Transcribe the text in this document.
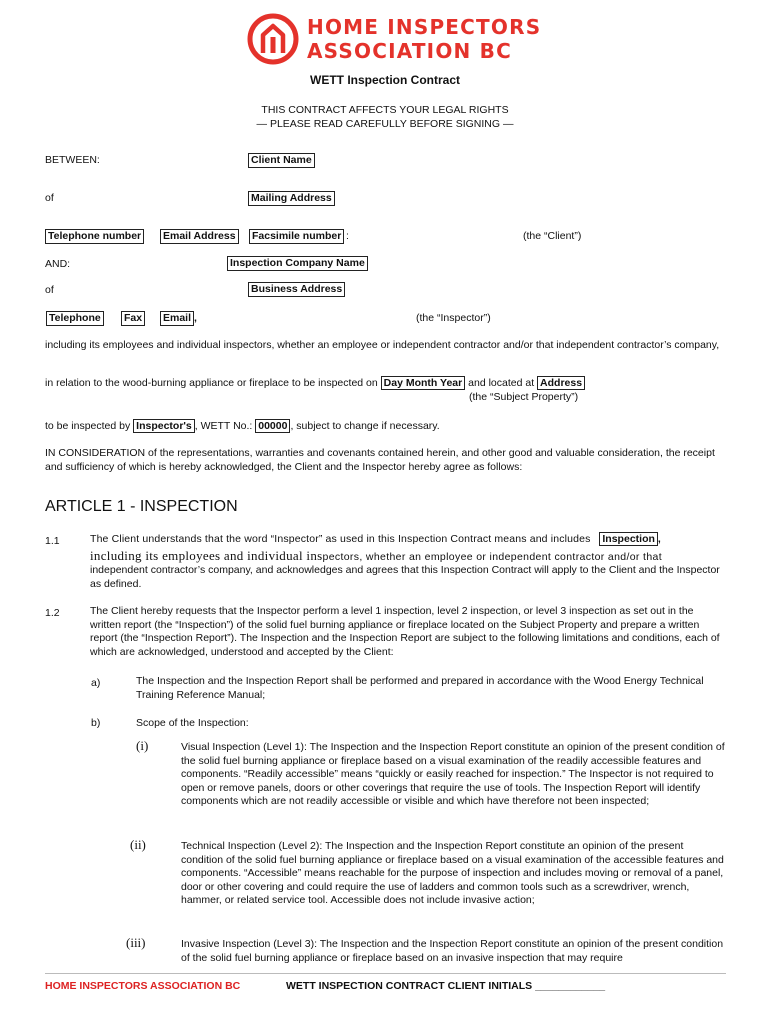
HOME INSPECTORS
ASSOCIATION BC
WETT Inspection Contract
THIS CONTRACT AFFECTS YOUR LEGAL RIGHTS
— PLEASE READ CAREFULLY BEFORE SIGNING —
BETWEEN:	Client Name
of	Mailing Address
Telephone number Email Address Facsimile number :	(the “Client”)
AND:	Inspection Company Name
of	Business Address
Telephone Fax Email ,	(the “Inspector”)
including its employees and individual inspectors, whether an employee or independent contractor and/or that independent contractor’s company,
in relation to the wood-burning appliance or fireplace to be inspected on Day Month Year and located at Address
(the “Subject Property”)
to be inspected by Inspector's , WETT No.: 00000 , subject to change if necessary.
IN CONSIDERATION of the representations, warranties and covenants contained herein, and other good and valuable consideration, the receipt and sufficiency of which is hereby acknowledged, the Client and the Inspector hereby agree as follows:
ARTICLE 1 - INSPECTION
1.1	The Client understands that the word “Inspector” as used in this Inspection Contract means and includes Inspection ,
including its employees and individual inspectors, whether an employee or independent contractor and/or that
independent contractor’s company, and acknowledges and agrees that this Inspection Contract will apply to the Client and the Inspector as defined.
1.2	The Client hereby requests that the Inspector perform a level 1 inspection, level 2 inspection, or level 3 inspection as set out in the written report (the “Inspection”) of the solid fuel burning appliance or fireplace located on the Subject Property and prepare a written report (the “Inspection Report”). The Inspection and the Inspection Report are subject to the following limitations and conditions, each of which are acknowledged, understood and accepted by the Client:
a)	The Inspection and the Inspection Report shall be performed and prepared in accordance with the Wood Energy Technical Training Reference Manual;
b)	Scope of the Inspection:
(i)	Visual Inspection (Level 1): The Inspection and the Inspection Report constitute an opinion of the present condition of the solid fuel burning appliance or fireplace based on a visual examination of the readily accessible features and components. “Readily accessible” means “quickly or easily reached for inspection.” The Inspector is not required to open or remove panels, doors or other coverings that require the use of tools. The Inspection Report will identify components which are not readily accessible or visible and which have therefore not been inspected;
(ii)	Technical Inspection (Level 2): The Inspection and the Inspection Report constitute an opinion of the present condition of the solid fuel burning appliance or fireplace based on a visual examination of the accessible features and components. “Accessible” means reachable for the purpose of inspection and includes moving or removal of a panel, door or other covering and could require the use of ladders and common tools such as a screwdriver, wrench, hammer, or related service tool. Accessible does not include invasive action;
(iii)	Invasive Inspection (Level 3): The Inspection and the Inspection Report constitute an opinion of the present condition of the solid fuel burning appliance or fireplace based on an invasive inspection that may require
HOME INSPECTORS ASSOCIATION BC	WETT INSPECTION CONTRACT CLIENT INITIALS ____________
